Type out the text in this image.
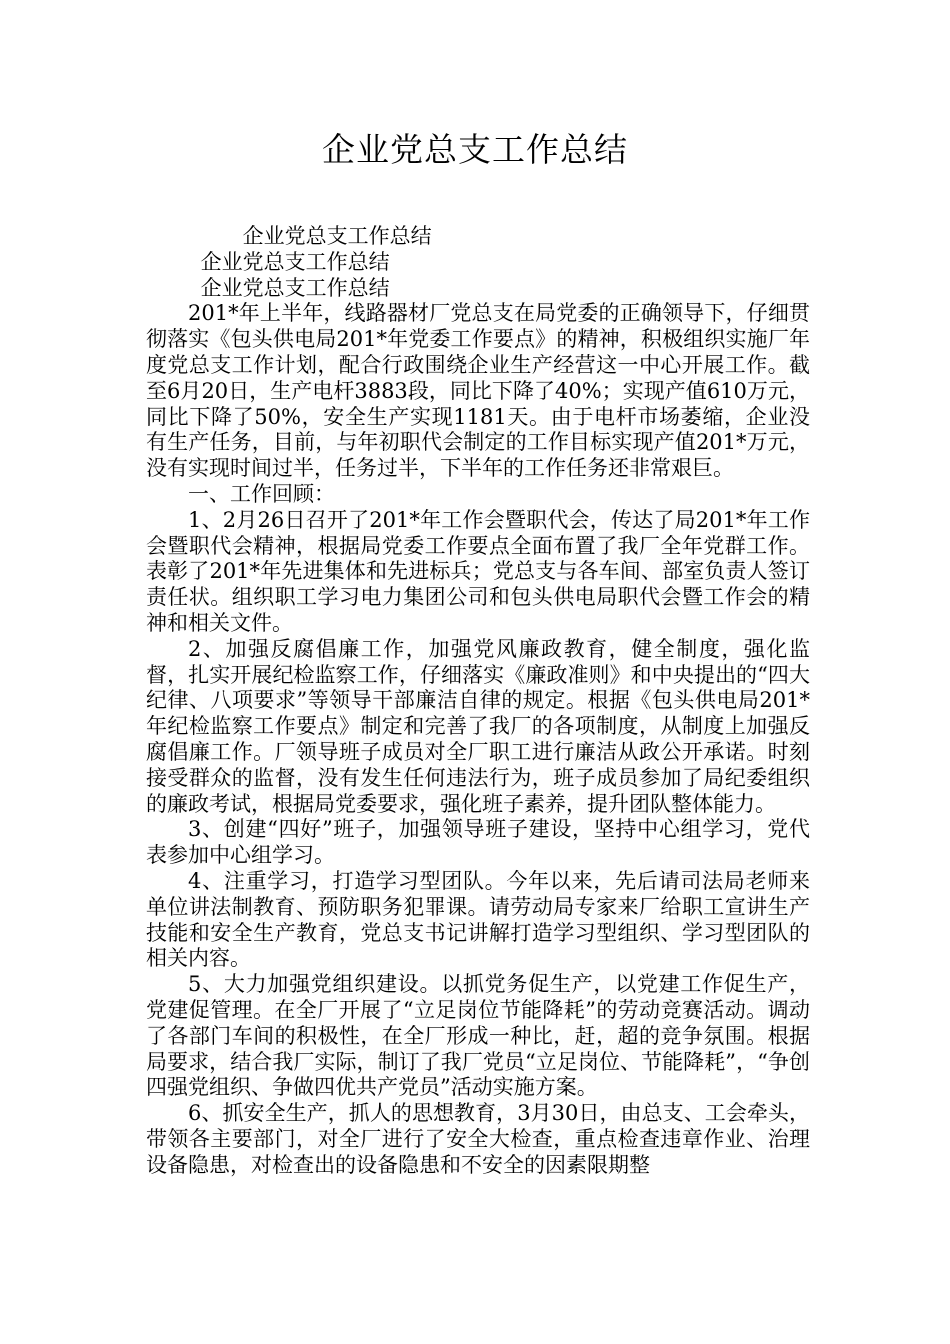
企业党总支工作总结

企业党总支工作总结

企业党总支工作总结

企业党总支工作总结

201*年上半年，线路器材厂党总支在局党委的正确领导下，仔细贯彻落实《包头供电局201*年党委工作要点》的精神，积极组织实施厂年度党总支工作计划，配合行政围绕企业生产经营这一中心开展工作。截至6月20日，生产电杆3883段，同比下降了40%；实现产值610万元，同比下降了50%，安全生产实现1181天。由于电杆市场萎缩，企业没有生产任务，目前，与年初职代会制定的工作目标实现产值201*万元，没有实现时间过半，任务过半，下半年的工作任务还非常艰巨。

一、工作回顾：

1、2月26日召开了201*年工作会暨职代会，传达了局201*年工作会暨职代会精神，根据局党委工作要点全面布置了我厂全年党群工作。表彰了201*年先进集体和先进标兵；党总支与各车间、部室负责人签订责任状。组织职工学习电力集团公司和包头供电局职代会暨工作会的精神和相关文件。

2、加强反腐倡廉工作，加强党风廉政教育，健全制度，强化监督，扎实开展纪检监察工作，仔细落实《廉政准则》和中央提出的“四大纪律、八项要求”等领导干部廉洁自律的规定。根据《包头供电局201*年纪检监察工作要点》制定和完善了我厂的各项制度，从制度上加强反腐倡廉工作。厂领导班子成员对全厂职工进行廉洁从政公开承诺。时刻接受群众的监督，没有发生任何违法行为，班子成员参加了局纪委组织的廉政考试，根据局党委要求，强化班子素养，提升团队整体能力。

3、创建“四好”班子，加强领导班子建设，坚持中心组学习，党代表参加中心组学习。

4、注重学习，打造学习型团队。今年以来，先后请司法局老师来单位讲法制教育、预防职务犯罪课。请劳动局专家来厂给职工宣讲生产技能和安全生产教育，党总支书记讲解打造学习型组织、学习型团队的相关内容。

5、大力加强党组织建设。以抓党务促生产，以党建工作促生产，党建促管理。在全厂开展了“立足岗位节能降耗”的劳动竞赛活动。调动了各部门车间的积极性，在全厂形成一种比，赶，超的竞争氛围。根据局要求，结合我厂实际，制订了我厂党员“立足岗位、节能降耗”，“争创四强党组织、争做四优共产党员”活动实施方案。

6、抓安全生产，抓人的思想教育，3月30日，由总支、工会牵头，带领各主要部门，对全厂进行了安全大检查，重点检查违章作业、治理设备隐患，对检查出的设备隐患和不安全的因素限期整
